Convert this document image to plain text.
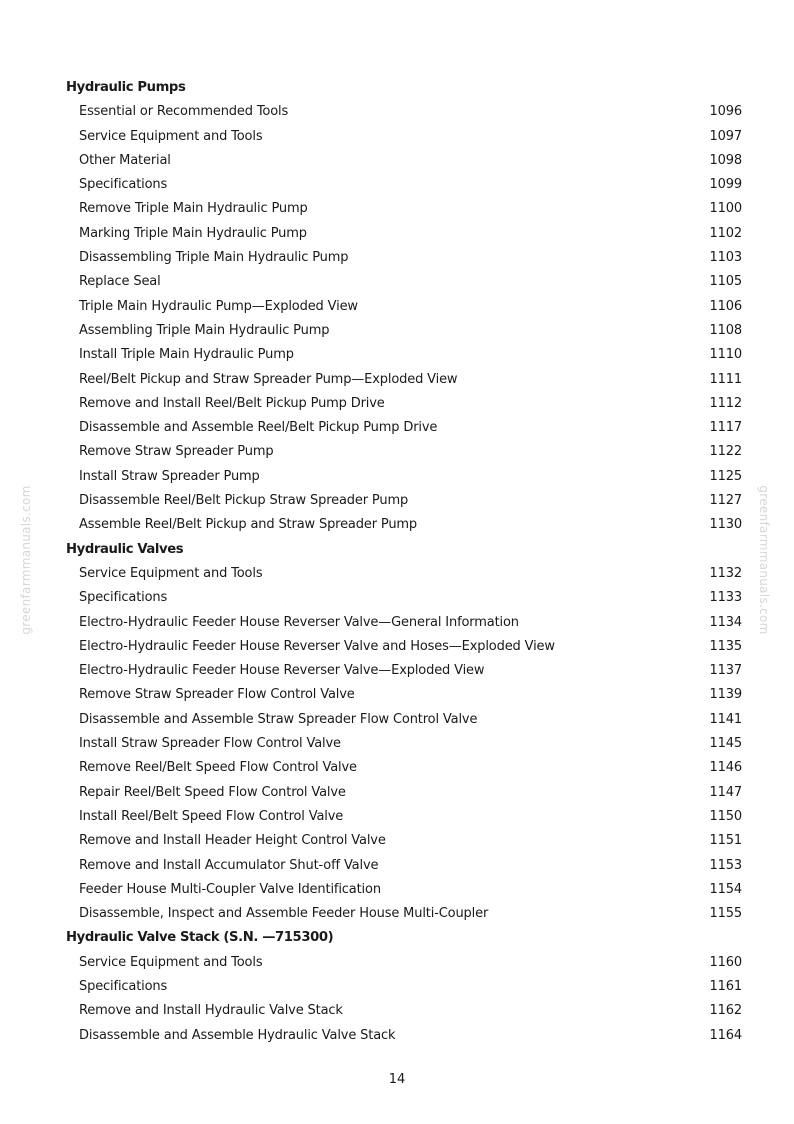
Hydraulic Pumps
Essential or Recommended Tools	1096
Service Equipment and Tools	1097
Other Material	1098
Specifications	1099
Remove Triple Main Hydraulic Pump	1100
Marking Triple Main Hydraulic Pump	1102
Disassembling Triple Main Hydraulic Pump	1103
Replace Seal	1105
Triple Main Hydraulic Pump—Exploded View	1106
Assembling Triple Main Hydraulic Pump	1108
Install Triple Main Hydraulic Pump	1110
Reel/Belt Pickup and Straw Spreader Pump—Exploded View	1111
Remove and Install Reel/Belt Pickup Pump Drive	1112
Disassemble and Assemble Reel/Belt Pickup Pump Drive	1117
Remove Straw Spreader Pump	1122
Install Straw Spreader Pump	1125
Disassemble Reel/Belt Pickup Straw Spreader Pump	1127
Assemble Reel/Belt Pickup and Straw Spreader Pump	1130
Hydraulic Valves
Service Equipment and Tools	1132
Specifications	1133
Electro-Hydraulic Feeder House Reverser Valve—General Information	1134
Electro-Hydraulic Feeder House Reverser Valve and Hoses—Exploded View	1135
Electro-Hydraulic Feeder House Reverser Valve—Exploded View	1137
Remove Straw Spreader Flow Control Valve	1139
Disassemble and Assemble Straw Spreader Flow Control Valve	1141
Install Straw Spreader Flow Control Valve	1145
Remove Reel/Belt Speed Flow Control Valve	1146
Repair Reel/Belt Speed Flow Control Valve	1147
Install Reel/Belt Speed Flow Control Valve	1150
Remove and Install Header Height Control Valve	1151
Remove and Install Accumulator Shut-off Valve	1153
Feeder House Multi-Coupler Valve Identification	1154
Disassemble, Inspect and Assemble Feeder House Multi-Coupler	1155
Hydraulic Valve Stack (S.N. —715300)
Service Equipment and Tools	1160
Specifications	1161
Remove and Install Hydraulic Valve Stack	1162
Disassemble and Assemble Hydraulic Valve Stack	1164
greenfarmmanuals.com	greenfarmmanuals.com
14
